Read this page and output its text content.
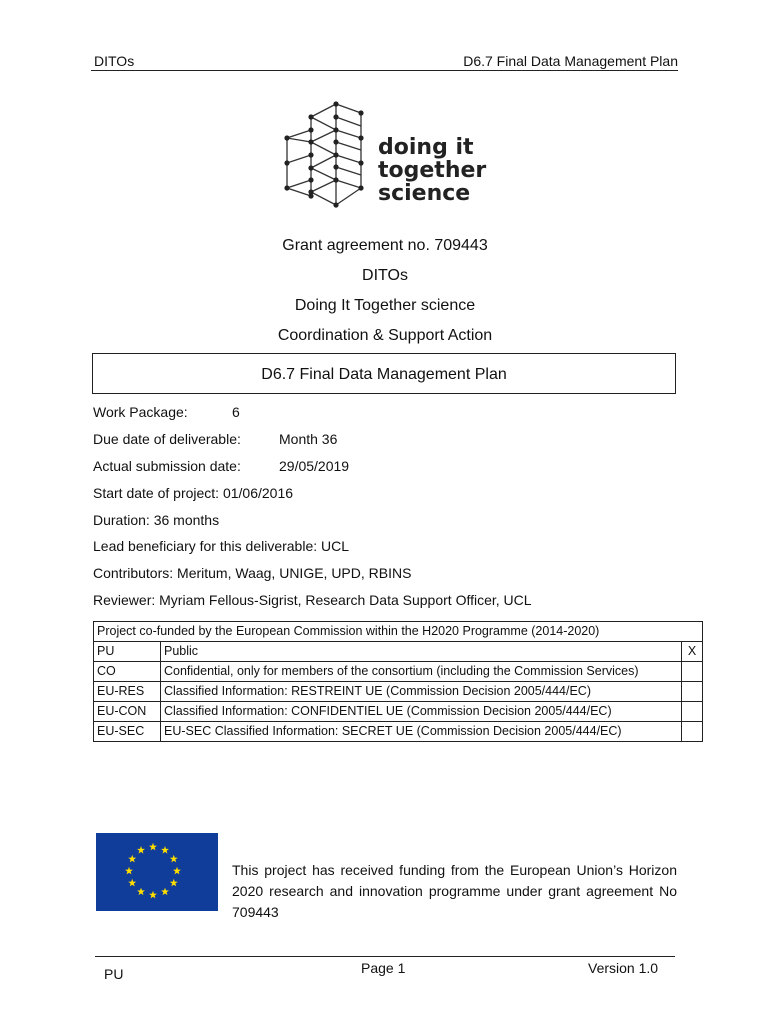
DITOs	D6.7 Final Data Management Plan
doing it
together
science
Grant agreement no. 709443
DITOs
Doing It Together science
Coordination & Support Action
D6.7 Final Data Management Plan
Work Package:	6
Due date of deliverable:	Month 36
Actual submission date:	29/05/2019
Start date of project: 01/06/2016
Duration: 36 months
Lead beneficiary for this deliverable: UCL
Contributors: Meritum, Waag, UNIGE, UPD, RBINS
Reviewer: Myriam Fellous-Sigrist, Research Data Support Officer, UCL
Project co-funded by the European Commission within the H2020 Programme (2014-2020)		
PU	Public	X
CO	Confidential, only for members of the consortium (including the Commission Services)	
EU-RES	Classified Information: RESTREINT UE (Commission Decision 2005/444/EC)	
EU-CON	Classified Information: CONFIDENTIEL UE (Commission Decision 2005/444/EC)	
EU-SEC	EU-SEC Classified Information: SECRET UE (Commission Decision 2005/444/EC)	
This project has received funding from the European Union’s Horizon 2020 research and innovation programme under grant agreement No 709443
PU	Page 1	Version 1.0
